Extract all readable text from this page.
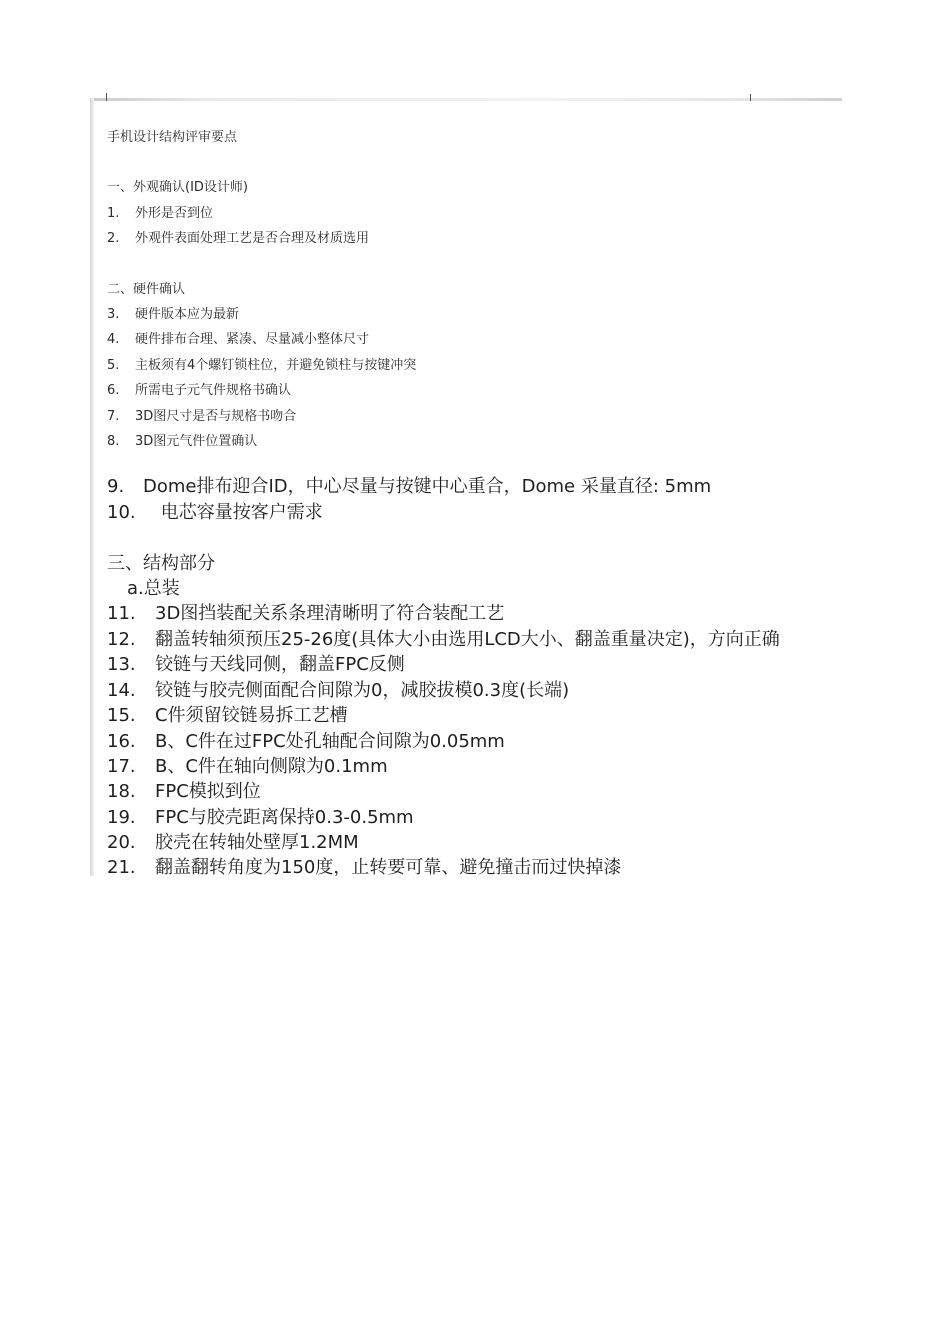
手机设计结构评审要点
一、外观确认(ID设计师)
1. 外形是否到位
2. 外观件表面处理工艺是否合理及材质选用
二、硬件确认
3. 硬件版本应为最新
4. 硬件排布合理、紧凑、尽量减小整体尺寸
5. 主板须有4个螺钉锁柱位，并避免锁柱与按键冲突
6. 所需电子元气件规格书确认
7. 3D图尺寸是否与规格书吻合
8. 3D图元气件位置确认
9. Dome排布迎合ID，中心尽量与按键中心重合，Dome 采量直径: 5mm
10. 电芯容量按客户需求
三、结构部分
a.总装
11. 3D图挡装配关系条理清晰明了符合装配工艺
12. 翻盖转轴须预压25-26度(具体大小由选用LCD大小、翻盖重量决定)，方向正确
13. 铰链与天线同侧，翻盖FPC反侧
14. 铰链与胶壳侧面配合间隙为0，减胶拔模0.3度(长端)
15. C件须留铰链易拆工艺槽
16. B、C件在过FPC处孔轴配合间隙为0.05mm
17. B、C件在轴向侧隙为0.1mm
18. FPC模拟到位
19. FPC与胶壳距离保持0.3-0.5mm
20. 胶壳在转轴处壁厚1.2MM
21. 翻盖翻转角度为150度，止转要可靠、避免撞击而过快掉漆
